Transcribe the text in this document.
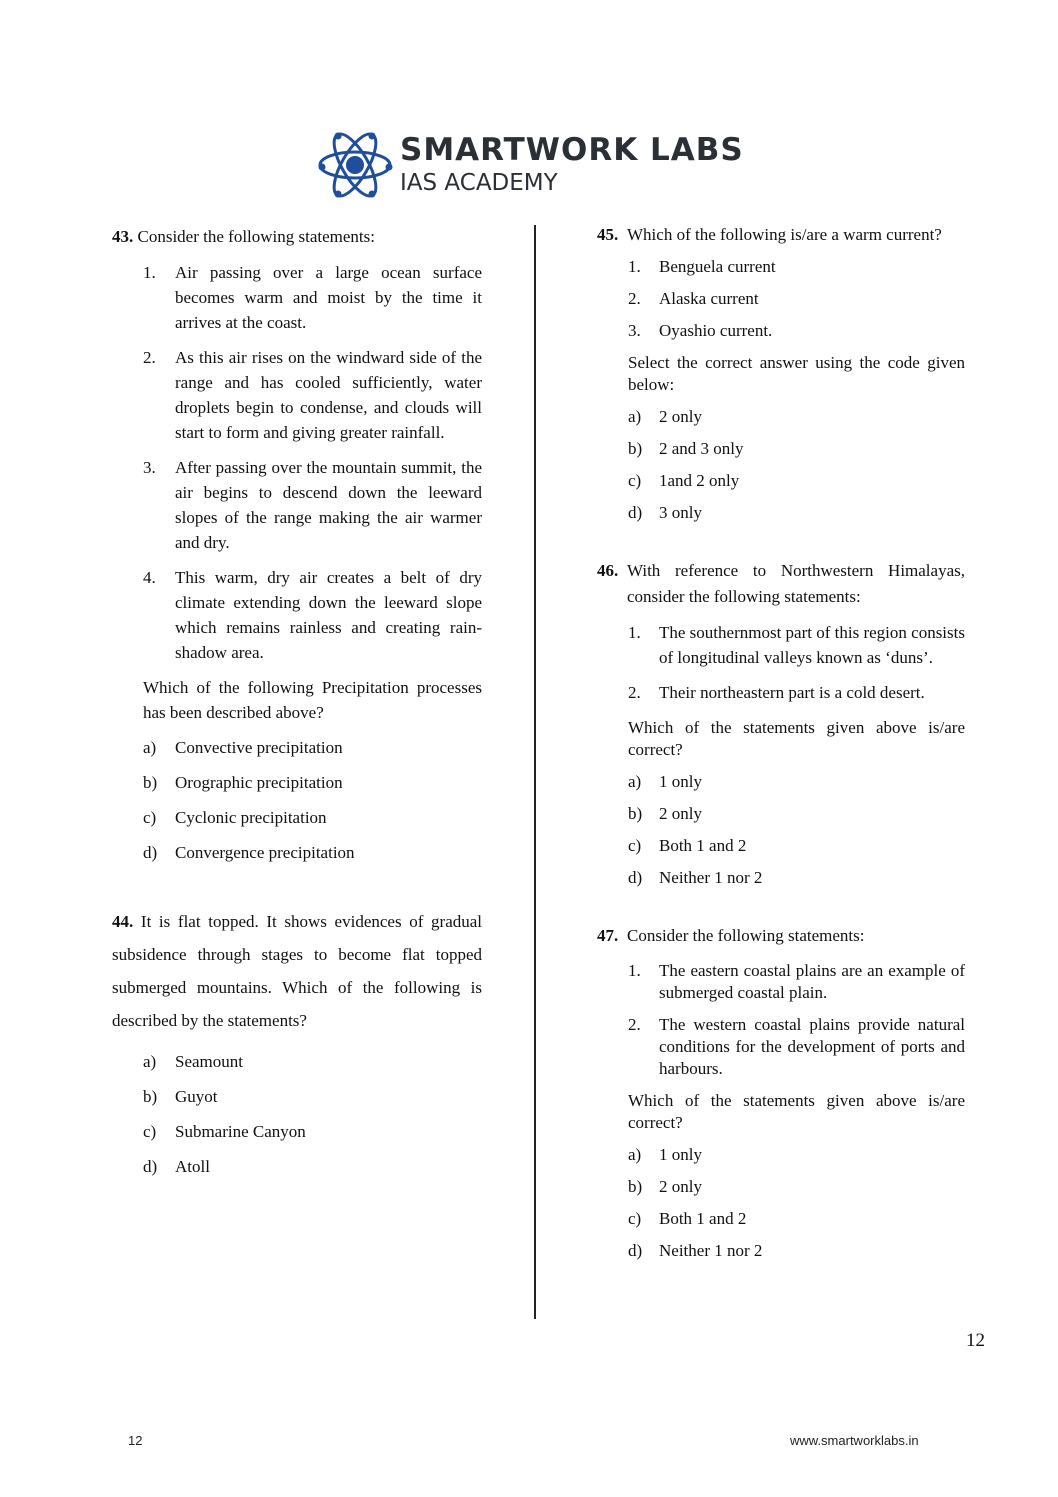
SMARTWORK LABS
IAS ACADEMY
43. Consider the following statements:
1. Air passing over a large ocean surface becomes warm and moist by the time it arrives at the coast.
2. As this air rises on the windward side of the range and has cooled sufficiently, water droplets begin to condense, and clouds will start to form and giving greater rainfall.
3. After passing over the mountain summit, the air begins to descend down the leeward slopes of the range making the air warmer and dry.
4. This warm, dry air creates a belt of dry climate extending down the leeward slope which remains rainless and creating rain-shadow area.
Which of the following Precipitation processes has been described above?
a) Convective precipitation
b) Orographic precipitation
c) Cyclonic precipitation
d) Convergence precipitation
44. It is flat topped. It shows evidences of gradual subsidence through stages to become flat topped submerged mountains. Which of the following is described by the statements?
a) Seamount
b) Guyot
c) Submarine Canyon
d) Atoll
45. Which of the following is/are a warm current?
1. Benguela current
2. Alaska current
3. Oyashio current.
Select the correct answer using the code given below:
a) 2 only
b) 2 and 3 only
c) 1and 2 only
d) 3 only
46. With reference to Northwestern Himalayas, consider the following statements:
1. The southernmost part of this region consists of longitudinal valleys known as ‘duns’.
2. Their northeastern part is a cold desert.
Which of the statements given above is/are correct?
a) 1 only
b) 2 only
c) Both 1 and 2
d) Neither 1 nor 2
47. Consider the following statements:
1. The eastern coastal plains are an example of submerged coastal plain.
2. The western coastal plains provide natural conditions for the development of ports and harbours.
Which of the statements given above is/are correct?
a) 1 only
b) 2 only
c) Both 1 and 2
d) Neither 1 nor 2
12
12	www.smartworklabs.in
